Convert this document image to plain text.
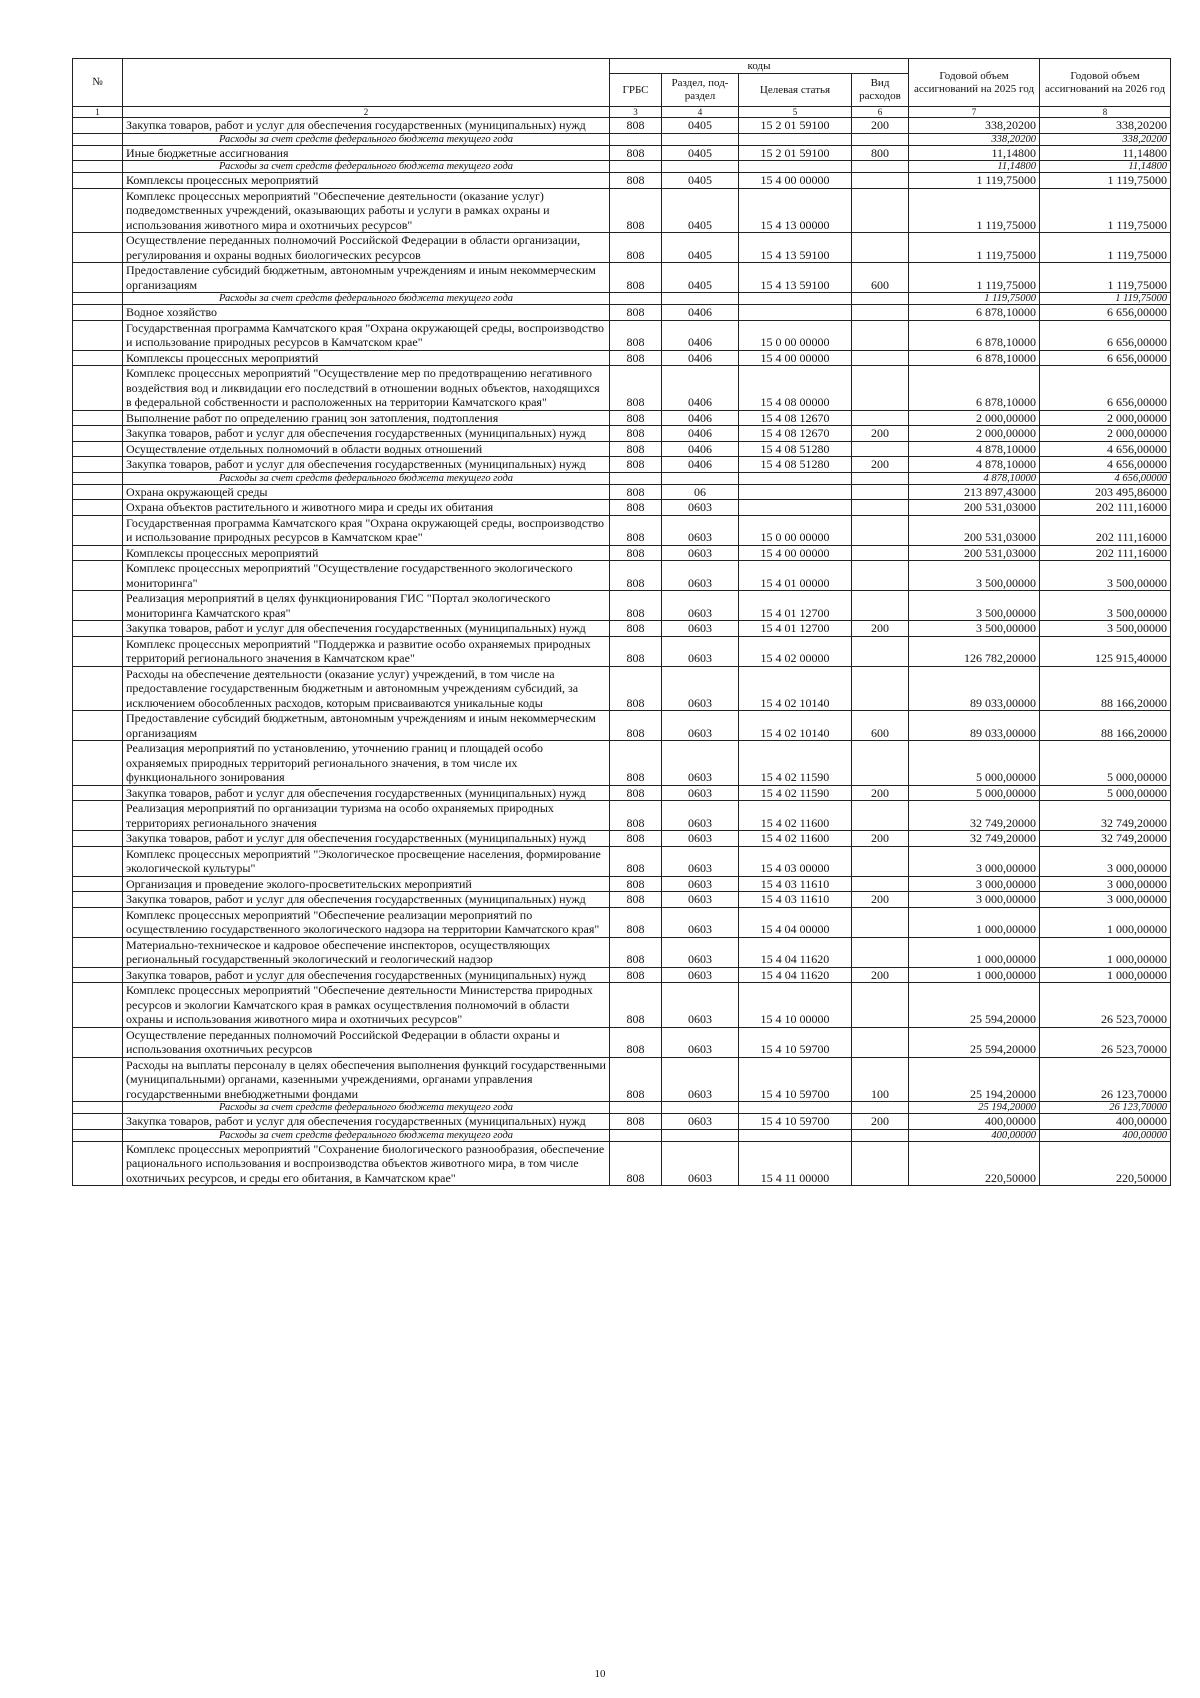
№		коды				Годовой объем ассигнований на 2025 год	Годовой объем ассигнований на 2026 год
		ГРБС	Раздел, под-раздел	Целевая статья	Вид расходов		
1	2	3	4	5	6	7	8
	Закупка товаров, работ и услуг для обеспечения государственных (муниципальных) нужд	808	0405	15 2 01 59100	200	338,20200	338,20200
	Расходы за счет средств федерального бюджета текущего года					338,20200	338,20200
	Иные бюджетные ассигнования	808	0405	15 2 01 59100	800	11,14800	11,14800
	Расходы за счет средств федерального бюджета текущего года					11,14800	11,14800
	Комплексы процессных мероприятий	808	0405	15 4 00 00000		1 119,75000	1 119,75000
	Комплекс процессных мероприятий "Обеспечение деятельности (оказание услуг) подведомственных учреждений, оказывающих работы и услуги в рамках охраны и использования животного мира и охотничьих ресурсов"	808	0405	15 4 13 00000		1 119,75000	1 119,75000
	Осуществление переданных полномочий Российской Федерации в области организации, регулирования и охраны водных биологических ресурсов	808	0405	15 4 13 59100		1 119,75000	1 119,75000
	Предоставление субсидий бюджетным, автономным учреждениям и иным некоммерческим организациям	808	0405	15 4 13 59100	600	1 119,75000	1 119,75000
	Расходы за счет средств федерального бюджета текущего года					1 119,75000	1 119,75000
	Водное хозяйство	808	0406			6 878,10000	6 656,00000
	Государственная программа Камчатского края "Охрана окружающей среды, воспроизводство и использование природных ресурсов в Камчатском крае"	808	0406	15 0 00 00000		6 878,10000	6 656,00000
	Комплексы процессных мероприятий	808	0406	15 4 00 00000		6 878,10000	6 656,00000
	Комплекс процессных мероприятий "Осуществление мер по предотвращению негативного воздействия вод и ликвидации его последствий в отношении водных объектов, находящихся в федеральной собственности и расположенных на территории Камчатского края"	808	0406	15 4 08 00000		6 878,10000	6 656,00000
	Выполнение работ по определению границ зон затопления, подтопления	808	0406	15 4 08 12670		2 000,00000	2 000,00000
	Закупка товаров, работ и услуг для обеспечения государственных (муниципальных) нужд	808	0406	15 4 08 12670	200	2 000,00000	2 000,00000
	Осуществление отдельных полномочий в области водных отношений	808	0406	15 4 08 51280		4 878,10000	4 656,00000
	Закупка товаров, работ и услуг для обеспечения государственных (муниципальных) нужд	808	0406	15 4 08 51280	200	4 878,10000	4 656,00000
	Расходы за счет средств федерального бюджета текущего года					4 878,10000	4 656,00000
	Охрана окружающей среды	808	06			213 897,43000	203 495,86000
	Охрана объектов растительного и животного мира и среды их обитания	808	0603			200 531,03000	202 111,16000
	Государственная программа Камчатского края "Охрана окружающей среды, воспроизводство и использование природных ресурсов в Камчатском крае"	808	0603	15 0 00 00000		200 531,03000	202 111,16000
	Комплексы процессных мероприятий	808	0603	15 4 00 00000		200 531,03000	202 111,16000
	Комплекс процессных мероприятий "Осуществление государственного экологического мониторинга"	808	0603	15 4 01 00000		3 500,00000	3 500,00000
	Реализация мероприятий в целях функционирования ГИС "Портал экологического мониторинга Камчатского края"	808	0603	15 4 01 12700		3 500,00000	3 500,00000
	Закупка товаров, работ и услуг для обеспечения государственных (муниципальных) нужд	808	0603	15 4 01 12700	200	3 500,00000	3 500,00000
	Комплекс процессных мероприятий "Поддержка и развитие особо охраняемых природных территорий регионального значения в Камчатском крае"	808	0603	15 4 02 00000		126 782,20000	125 915,40000
	Расходы на обеспечение деятельности (оказание услуг) учреждений, в том числе на предоставление государственным бюджетным и автономным учреждениям субсидий, за исключением обособленных расходов, которым присваиваются уникальные коды	808	0603	15 4 02 10140		89 033,00000	88 166,20000
	Предоставление субсидий бюджетным, автономным учреждениям и иным некоммерческим организациям	808	0603	15 4 02 10140	600	89 033,00000	88 166,20000
	Реализация мероприятий по установлению, уточнению границ и площадей особо охраняемых природных территорий регионального значения, в том числе их функционального зонирования	808	0603	15 4 02 11590		5 000,00000	5 000,00000
	Закупка товаров, работ и услуг для обеспечения государственных (муниципальных) нужд	808	0603	15 4 02 11590	200	5 000,00000	5 000,00000
	Реализация мероприятий по организации туризма на особо охраняемых природных территориях регионального значения	808	0603	15 4 02 11600		32 749,20000	32 749,20000
	Закупка товаров, работ и услуг для обеспечения государственных (муниципальных) нужд	808	0603	15 4 02 11600	200	32 749,20000	32 749,20000
	Комплекс процессных мероприятий "Экологическое просвещение населения, формирование экологической культуры"	808	0603	15 4 03 00000		3 000,00000	3 000,00000
	Организация и проведение эколого-просветительских мероприятий	808	0603	15 4 03 11610		3 000,00000	3 000,00000
	Закупка товаров, работ и услуг для обеспечения государственных (муниципальных) нужд	808	0603	15 4 03 11610	200	3 000,00000	3 000,00000
	Комплекс процессных мероприятий "Обеспечение реализации мероприятий по осуществлению государственного экологического надзора на территории Камчатского края"	808	0603	15 4 04 00000		1 000,00000	1 000,00000
	Материально-техническое и кадровое обеспечение инспекторов, осуществляющих региональный государственный экологический и геологический надзор	808	0603	15 4 04 11620		1 000,00000	1 000,00000
	Закупка товаров, работ и услуг для обеспечения государственных (муниципальных) нужд	808	0603	15 4 04 11620	200	1 000,00000	1 000,00000
	Комплекс процессных мероприятий "Обеспечение деятельности Министерства природных ресурсов и экологии Камчатского края в рамках осуществления полномочий в области охраны и использования животного мира и охотничьих ресурсов"	808	0603	15 4 10 00000		25 594,20000	26 523,70000
	Осуществление переданных полномочий Российской Федерации в области охраны и использования охотничьих ресурсов	808	0603	15 4 10 59700		25 594,20000	26 523,70000
	Расходы на выплаты персоналу в целях обеспечения выполнения функций государственными (муниципальными) органами, казенными учреждениями, органами управления государственными внебюджетными фондами	808	0603	15 4 10 59700	100	25 194,20000	26 123,70000
	Расходы за счет средств федерального бюджета текущего года					25 194,20000	26 123,70000
	Закупка товаров, работ и услуг для обеспечения государственных (муниципальных) нужд	808	0603	15 4 10 59700	200	400,00000	400,00000
	Расходы за счет средств федерального бюджета текущего года					400,00000	400,00000
	Комплекс процессных мероприятий "Сохранение биологического разнообразия, обеспечение рационального использования и воспроизводства объектов животного мира, в том числе охотничьих ресурсов, и среды его обитания, в Камчатском крае"	808	0603	15 4 11 00000		220,50000	220,50000
10
